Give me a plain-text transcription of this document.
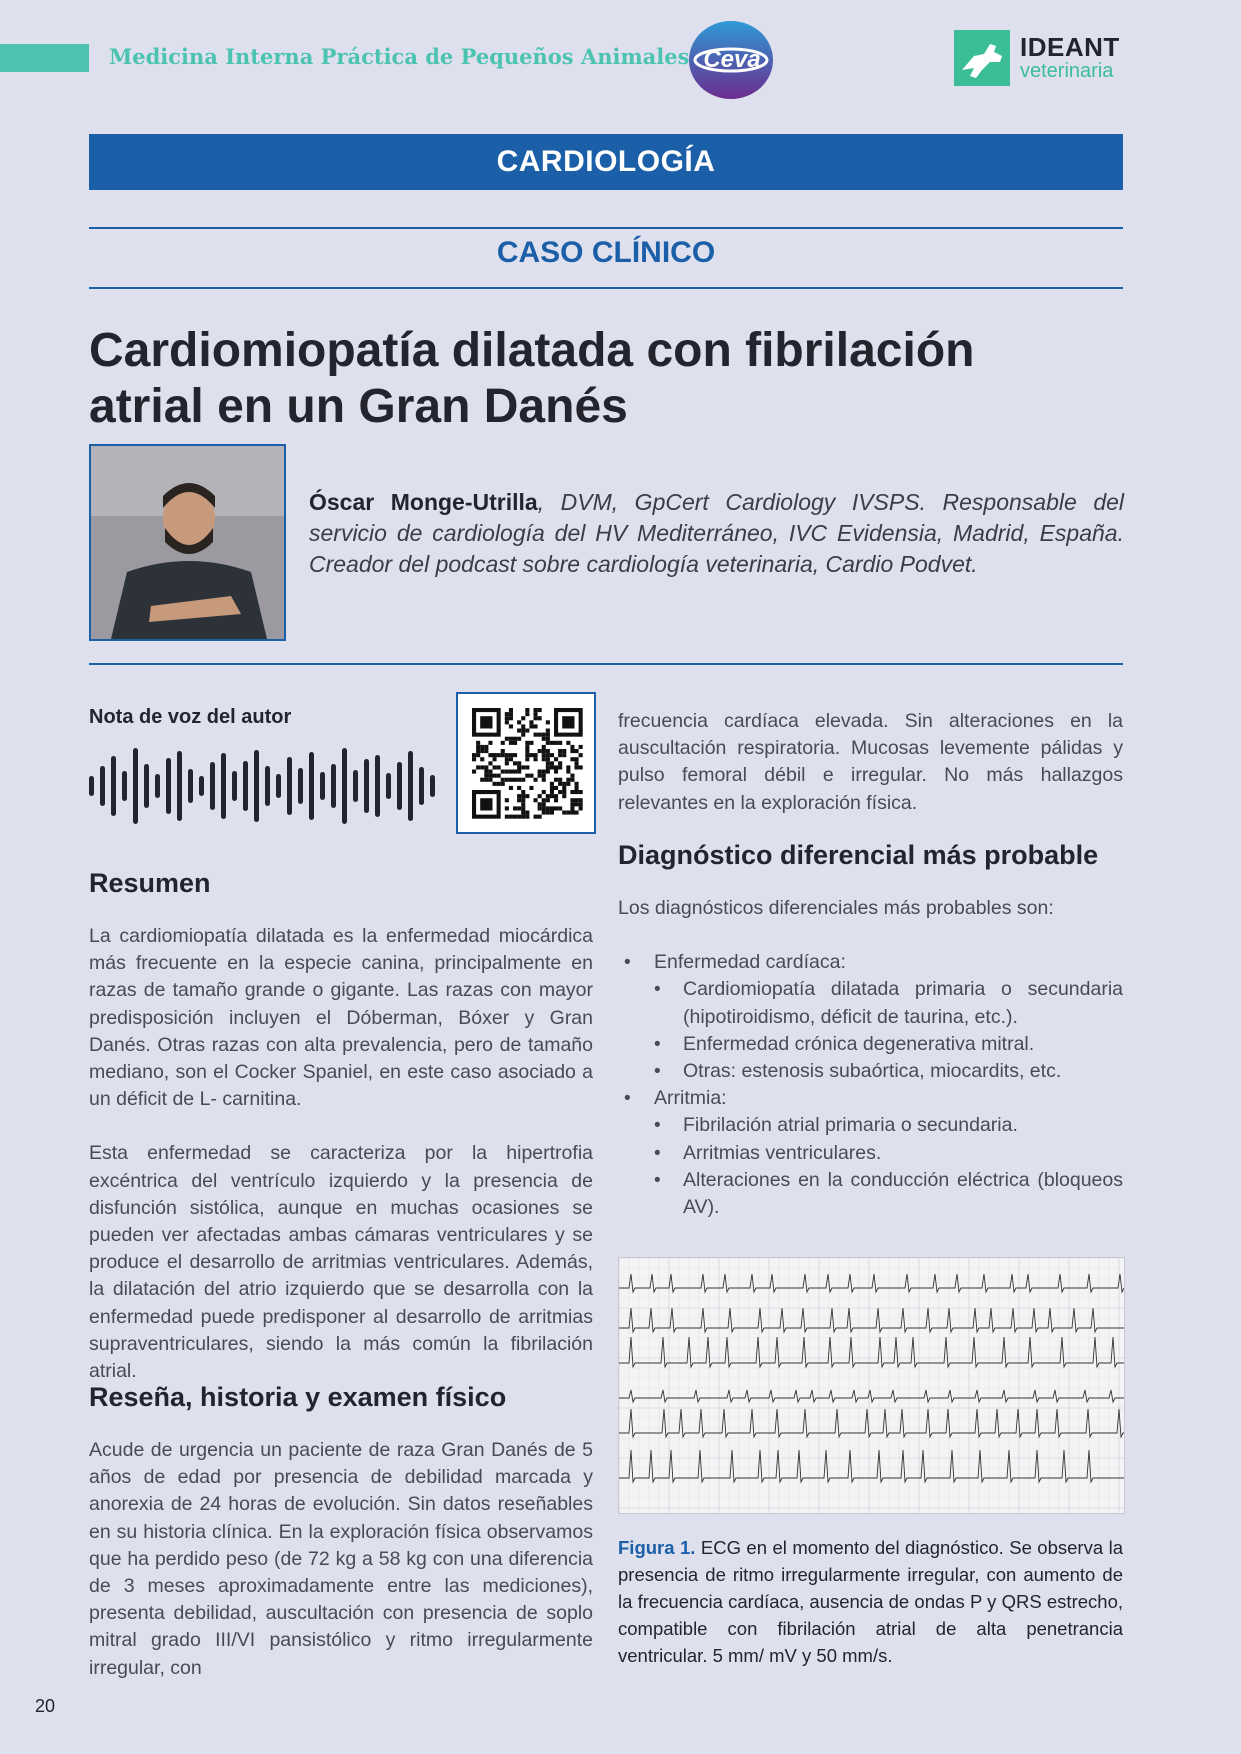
Medicina Interna Práctica de Pequeños Animales Ceva	IDEANT
veterinaria
CARDIOLOGÍA
CASO CLÍNICO
Cardiomiopatía dilatada con fibrilación
atrial en un Gran Danés
Óscar Monge-Utrilla, DVM, GpCert Cardiology IVSPS. Responsable del servicio de cardiología del HV Mediterráneo, IVC Evidensia, Madrid, España. Creador del podcast sobre cardiología veterinaria, Cardio Podvet.
Nota de voz del autor
Resumen

La cardiomiopatía dilatada es la enfermedad miocárdica más frecuente en la especie canina, principalmente en razas de tamaño grande o gigante. Las razas con mayor predisposición incluyen el Dóberman, Bóxer y Gran Danés. Otras razas con alta prevalencia, pero de tamaño mediano, son el Cocker Spaniel, en este caso asociado a un déficit de L- carnitina.

Esta enfermedad se caracteriza por la hipertrofia excéntrica del ventrículo izquierdo y la presencia de disfunción sistólica, aunque en muchas ocasiones se pueden ver afectadas ambas cámaras ventriculares y se produce el desarrollo de arritmias ventriculares. Además, la dilatación del atrio izquierdo que se desarrolla con la enfermedad puede predisponer al desarrollo de arritmias supraventriculares, siendo la más común la fibrilación atrial.

Reseña, historia y examen físico

Acude de urgencia un paciente de raza Gran Danés de 5 años de edad por presencia de debilidad marcada y anorexia de 24 horas de evolución. Sin datos reseñables en su historia clínica. En la exploración física observamos que ha perdido peso (de 72 kg a 58 kg con una diferencia de 3 meses aproximadamente entre las mediciones), presenta debilidad, auscultación con presencia de soplo mitral grado III/VI pansistólico y ritmo irregularmente irregular, con

frecuencia cardíaca elevada. Sin alteraciones en la auscultación respiratoria. Mucosas levemente pálidas y pulso femoral débil e irregular. No más hallazgos relevantes en la exploración física.

Diagnóstico diferencial más probable

Los diagnósticos diferenciales más probables son:

• Enfermedad cardíaca:
• Cardiomiopatía dilatada primaria o secundaria (hipotiroidismo, déficit de taurina, etc.).
• Enfermedad crónica degenerativa mitral.
• Otras: estenosis subaórtica, miocardits, etc.
• Arritmia:
• Fibrilación atrial primaria o secundaria.
• Arritmias ventriculares.
• Alteraciones en la conducción eléctrica (bloqueos AV).
Figura 1. ECG en el momento del diagnóstico. Se observa la presencia de ritmo irregularmente irregular, con aumento de la frecuencia cardíaca, ausencia de ondas P y QRS estrecho, compatible con fibrilación atrial de alta penetrancia ventricular. 5 mm/ mV y 50 mm/s.
20
